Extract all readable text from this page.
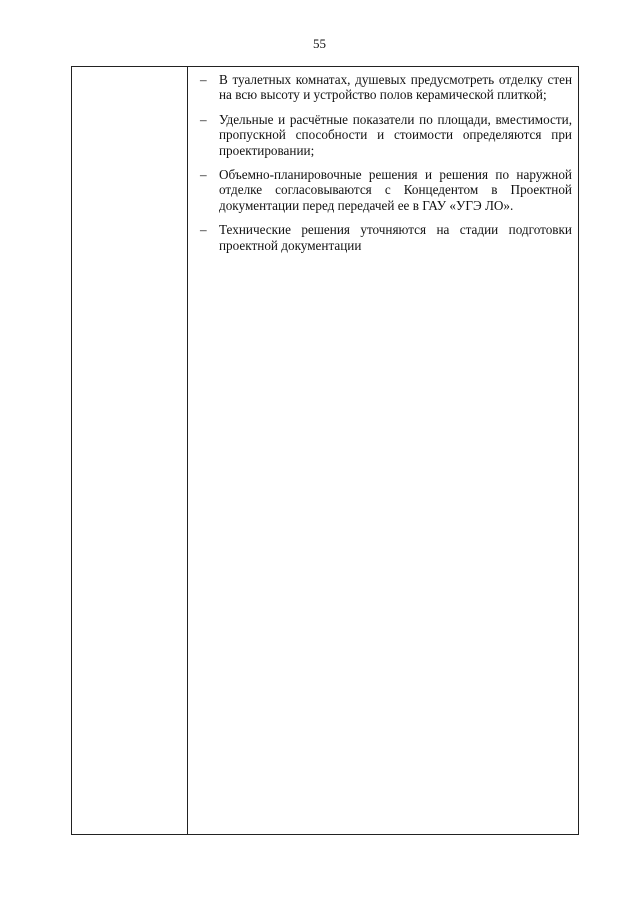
55
– В туалетных комнатах, душевых предусмотреть отделку стен на всю высоту и устройство полов керамической плиткой;
– Удельные и расчётные показатели по площади, вместимости, пропускной способности и стоимости определяются при проектировании;
– Объемно-планировочные решения и решения по наружной отделке согласовываются с Концедентом в Проектной документации перед передачей ее в ГАУ «УГЭ ЛО».
– Технические решения уточняются на стадии подготовки проектной документации
